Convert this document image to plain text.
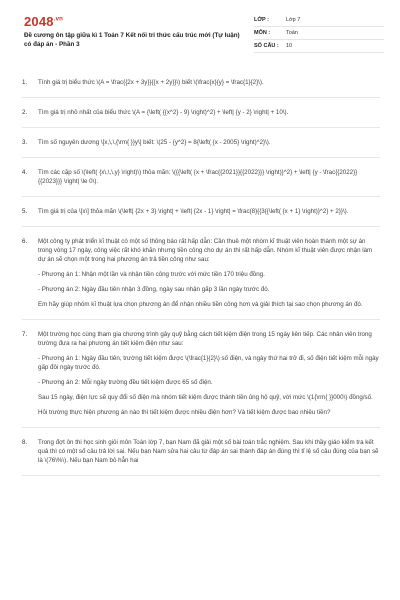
$2048^{.vn}$
Đề cương ôn tập giữa kì 1 Toán 7 Kết nối tri thức cấu trúc mới (Tự luận) có đáp án - Phần 3
LỚP :	Lớp 7
MÔN :	Toán
SỐ CÂU :	10
1.	Tính giá trị biểu thức \(A = \frac{{2x + 3y}}{{x + 2y}}\) biết \(\frac{x}{y} = \frac{1}{2}\).

2.	Tìm giá trị nhỏ nhất của biểu thức \(A = {\left( {{x^2} - 9} \right)^2} + \left| {y - 2} \right| + 10\).

3.	Tìm số nguyên dương \[x,\,\,{\rm{ }}y\] biết: \(25 - {y^2} = 8{\left( {x - 2005} \right)^2}\).

4.	Tìm các cặp số \(\left( {x\,\,\,y} \right)\) thỏa mãn: \({{\left( {x + \frac{{2021}}{{2022}}} \right)}^2} + \left| {y - \frac{{2022}}{{2023}}} \right| \le 0\).

5.	Tìm giá trị của \[x\] thỏa mãn \(\left| {2x + 3} \right| + \left| {2x - 1} \right| = \frac{8}{{3{{\left( {x + 1} \right)}^2} + 2}}\).

6.	Một công ty phát triển kĩ thuật có một số thông báo rất hấp dẫn: Cần thuê một nhóm kĩ thuật viên hoàn thành một sự án trong vòng 17 ngày, công việc rất khó khăn nhưng tiền công cho dự án thì rất hấp dẫn. Nhóm kĩ thuật viên được nhận làm dự án sẽ chọn một trong hai phương án trả tiền công như sau:

- Phương án 1: Nhận một lần và nhận tiền công trước với mức tiền 170 triệu đồng.

- Phương án 2: Ngày đầu tiên nhận 3 đồng, ngày sau nhận gấp 3 lần ngày trước đó.

Em hãy giúp nhóm kĩ thuật lựa chọn phương án để nhận nhiều tiền công hơn và giải thích tại sao chọn phương án đó.

7.	Một trường học cùng tham gia chương trình gây quỹ bằng cách tiết kiệm điện trong 15 ngày liên tiếp. Các nhân viên trong trường đưa ra hai phương án tiết kiệm điện như sau:

- Phương án 1: Ngày đầu tiên, trường tiết kiệm được \(\frac{1}{2}\) số điện, và ngày thứ hai trở đi, số điện tiết kiệm mỗi ngày gấp đôi ngày trước đó.

- Phương án 2: Mỗi ngày trường đều tiết kiệm được 65 số điện.

Sau 15 ngày, điện lực sẽ quy đổi số điện mà nhóm tiết kiệm được thành tiền ủng hộ quỹ, với mức \(1{\rm{ }}000\) đồng/số.

Hỏi trường thực hiện phương án nào thì tiết kiệm được nhiều điện hơn? Và tiết kiệm được bao nhiêu tiền?

8.	Trong đợt ôn thi học sinh giỏi môn Toán lớp 7, bạn Nam đã giải một số bài toán trắc nghiệm. Sau khi thầy giáo kiểm tra kết quả thì có một số câu trả lời sai. Nếu bạn Nam sửa hai câu từ đáp án sai thành đáp án đúng thì tỉ lệ số câu đúng của bạn sẽ là \(76\%\). Nếu bạn Nam bỏ hẳn hai
